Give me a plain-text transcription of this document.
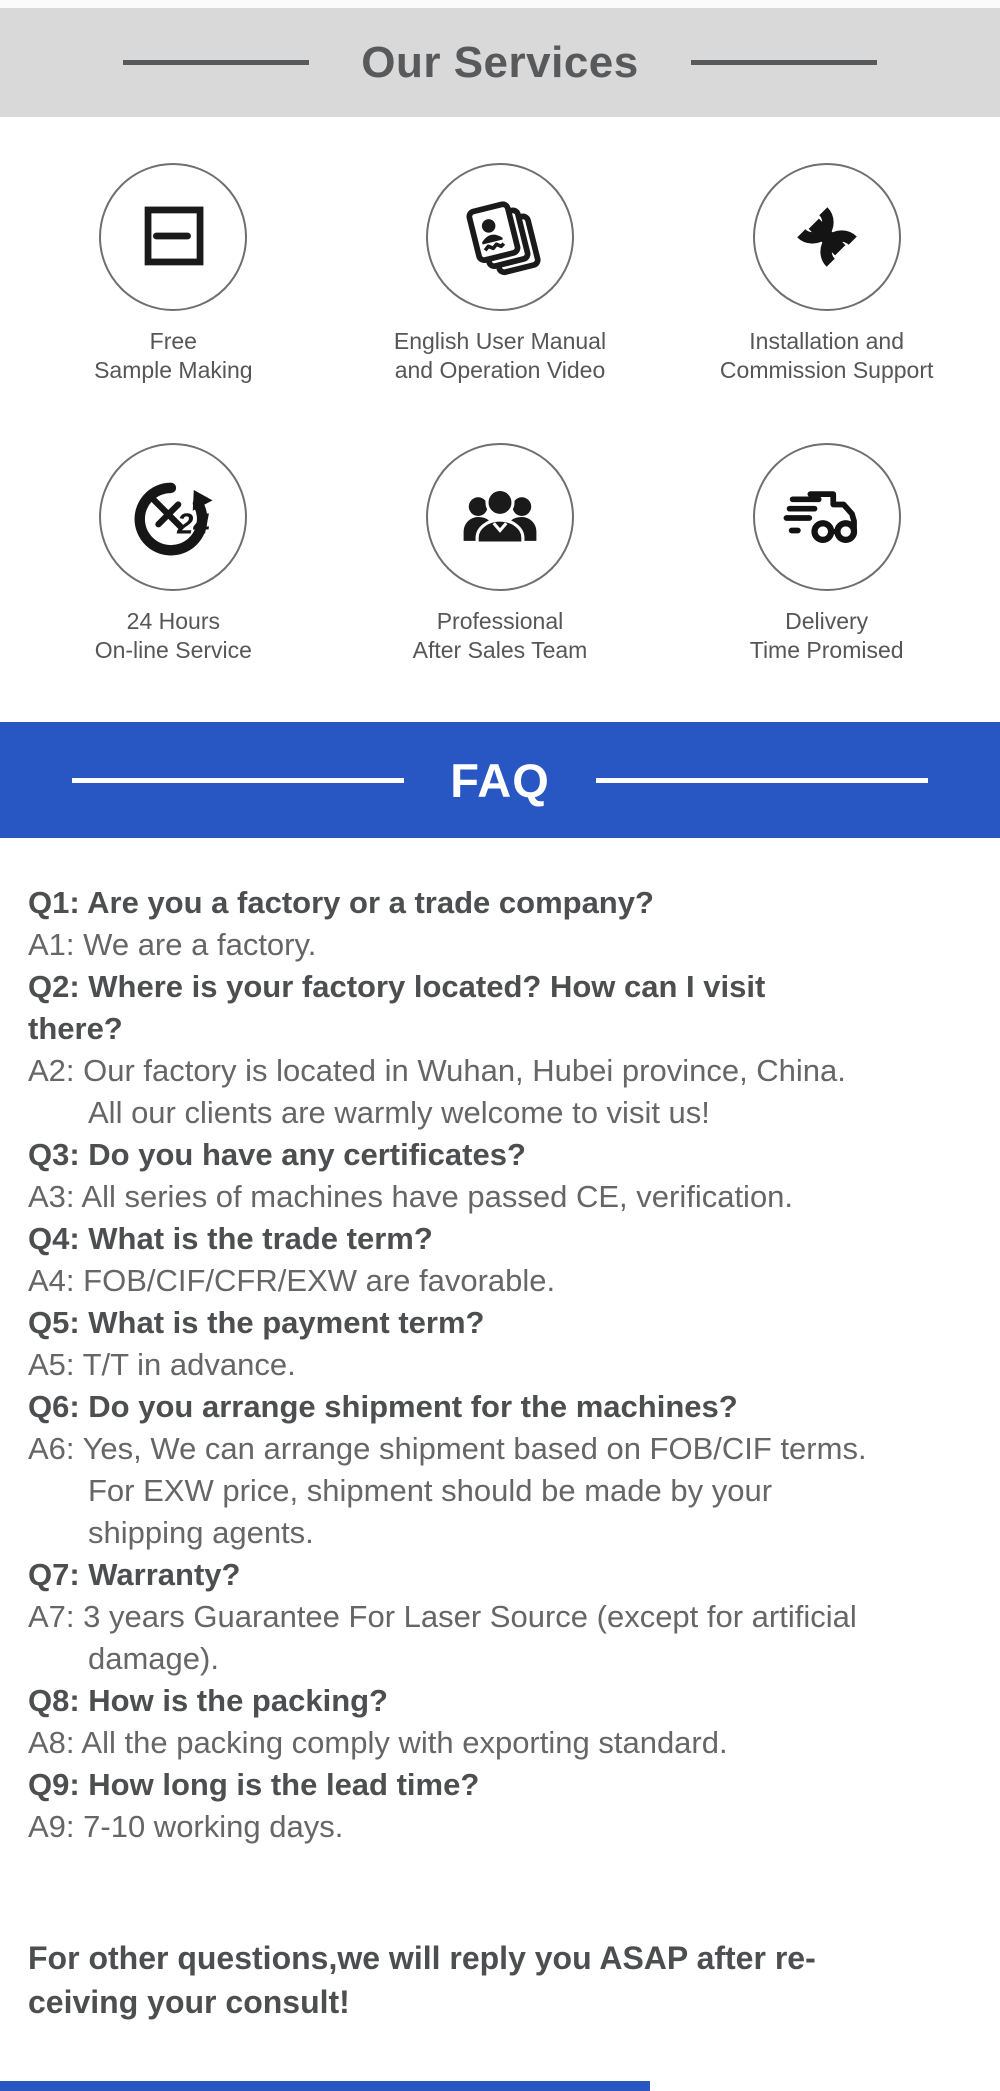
Our Services
Free
Sample Making
English User Manual
and Operation Video
Installation and
Commission Support
24
24 Hours
On-line Service
Professional
After Sales Team
Delivery
Time Promised
FAQ
Q1: Are you a factory or a trade company?
A1: We are a factory.
Q2: Where is your factory located? How can I visit
there?
A2: Our factory is located in Wuhan, Hubei province, China.
All our clients are warmly welcome to visit us!
Q3: Do you have any certificates?
A3: All series of machines have passed CE, verification.
Q4: What is the trade term?
A4: FOB/CIF/CFR/EXW are favorable.
Q5: What is the payment term?
A5: T/T in advance.
Q6: Do you arrange shipment for the machines?
A6: Yes, We can arrange shipment based on FOB/CIF terms.
For EXW price, shipment should be made by your
shipping agents.
Q7: Warranty?
A7: 3 years Guarantee For Laser Source (except for artificial
damage).
Q8: How is the packing?
A8: All the packing comply with exporting standard.
Q9: How long is the lead time?
A9: 7-10 working days.
For other questions,we will reply you ASAP after re-
ceiving your consult!
